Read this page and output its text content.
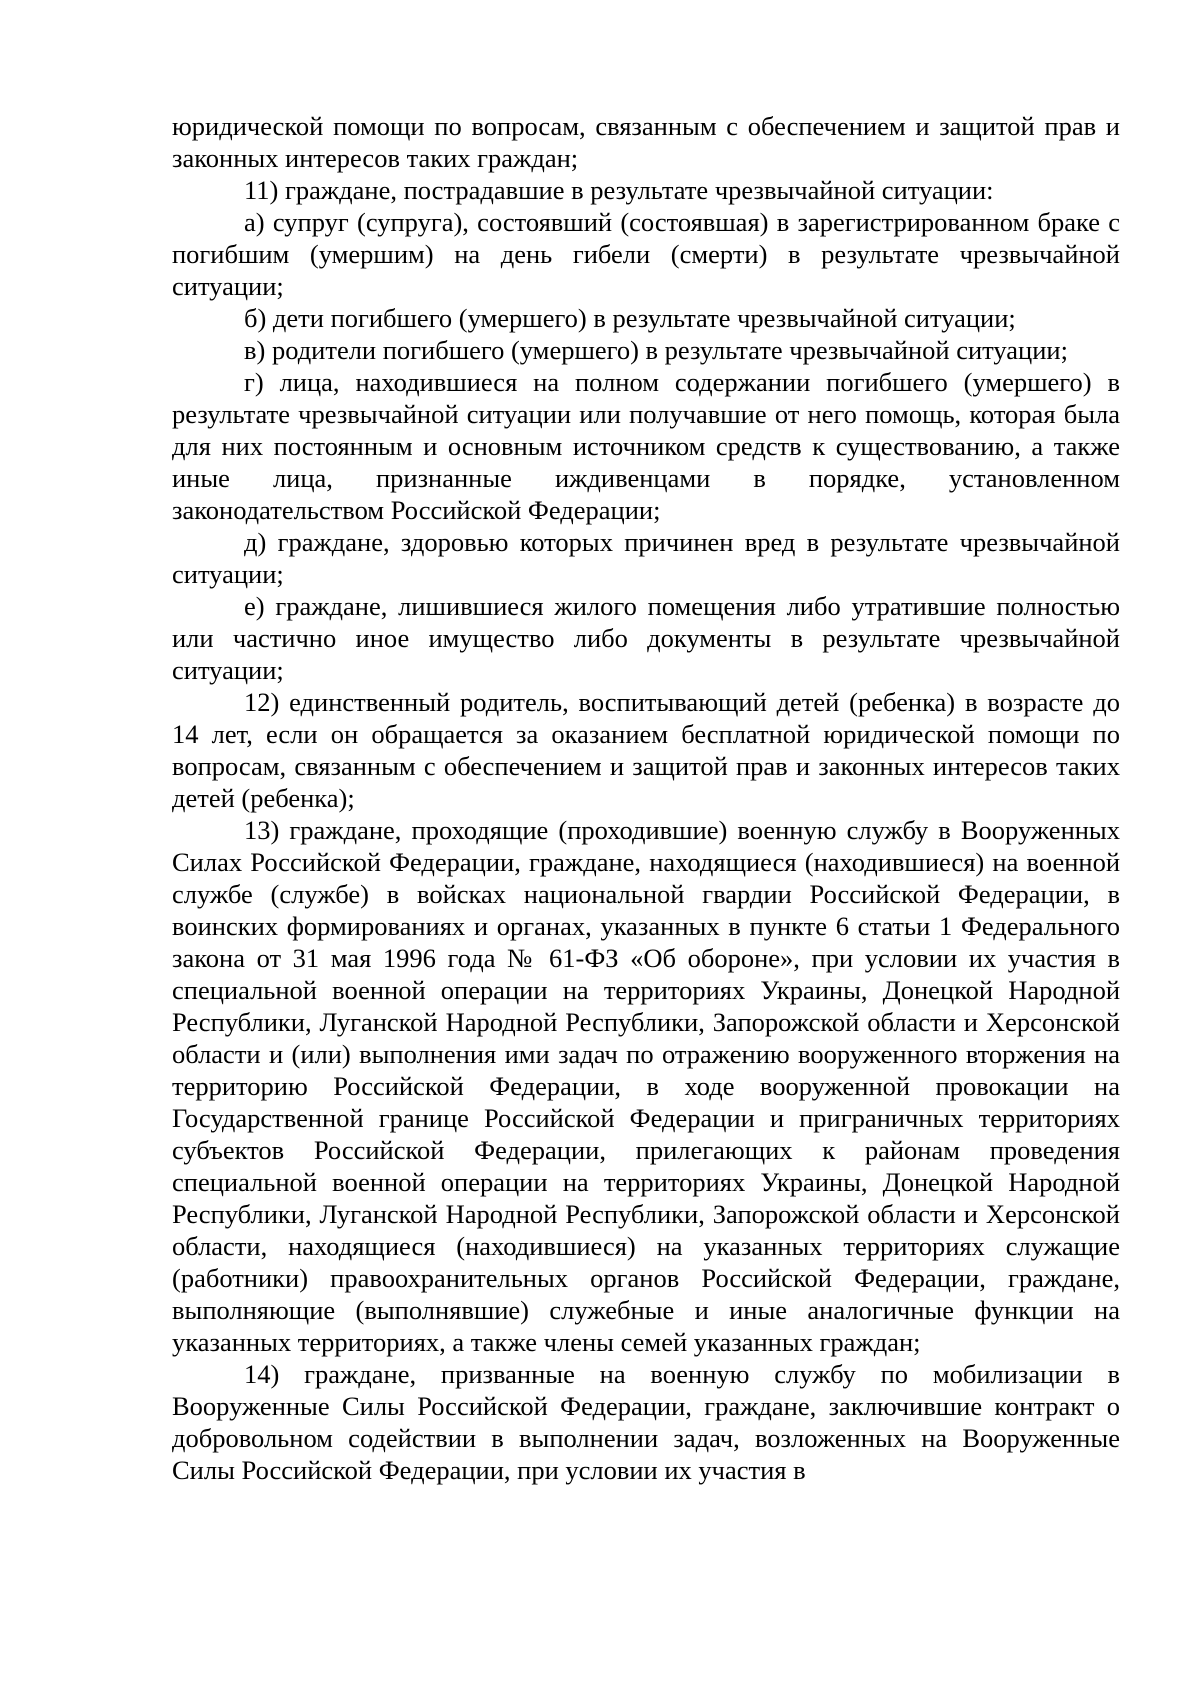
юридической помощи по вопросам, связанным с обеспечением и защитой прав и законных интересов таких граждан;

11) граждане, пострадавшие в результате чрезвычайной ситуации:

а) супруг (супруга), состоявший (состоявшая) в зарегистрированном браке с погибшим (умершим) на день гибели (смерти) в результате чрезвычайной ситуации;

б) дети погибшего (умершего) в результате чрезвычайной ситуации;

в) родители погибшего (умершего) в результате чрезвычайной ситуации;

г) лица, находившиеся на полном содержании погибшего (умершего) в результате чрезвычайной ситуации или получавшие от него помощь, которая была для них постоянным и основным источником средств к существованию, а также иные лица, признанные иждивенцами в порядке, установленном законодательством Российской Федерации;

д) граждане, здоровью которых причинен вред в результате чрезвычайной ситуации;

е) граждане, лишившиеся жилого помещения либо утратившие полностью или частично иное имущество либо документы в результате чрезвычайной ситуации;

12) единственный родитель, воспитывающий детей (ребенка) в возрасте до 14 лет, если он обращается за оказанием бесплатной юридической помощи по вопросам, связанным с обеспечением и защитой прав и законных интересов таких детей (ребенка);

13) граждане, проходящие (проходившие) военную службу в Вооруженных Силах Российской Федерации, граждане, находящиеся (находившиеся) на военной службе (службе) в войсках национальной гвардии Российской Федерации, в воинских формированиях и органах, указанных в пункте 6 статьи 1 Федерального закона от 31 мая 1996 года № 61-ФЗ «Об обороне», при условии их участия в специальной военной операции на территориях Украины, Донецкой Народной Республики, Луганской Народной Республики, Запорожской области и Херсонской области и (или) выполнения ими задач по отражению вооруженного вторжения на территорию Российской Федерации, в ходе вооруженной провокации на Государственной границе Российской Федерации и приграничных территориях субъектов Российской Федерации, прилегающих к районам проведения специальной военной операции на территориях Украины, Донецкой Народной Республики, Луганской Народной Республики, Запорожской области и Херсонской области, находящиеся (находившиеся) на указанных территориях служащие (работники) правоохранительных органов Российской Федерации, граждане, выполняющие (выполнявшие) служебные и иные аналогичные функции на указанных территориях, а также члены семей указанных граждан;

14) граждане, призванные на военную службу по мобилизации в Вооруженные Силы Российской Федерации, граждане, заключившие контракт о добровольном содействии в выполнении задач, возложенных на Вооруженные Силы Российской Федерации, при условии их участия в
